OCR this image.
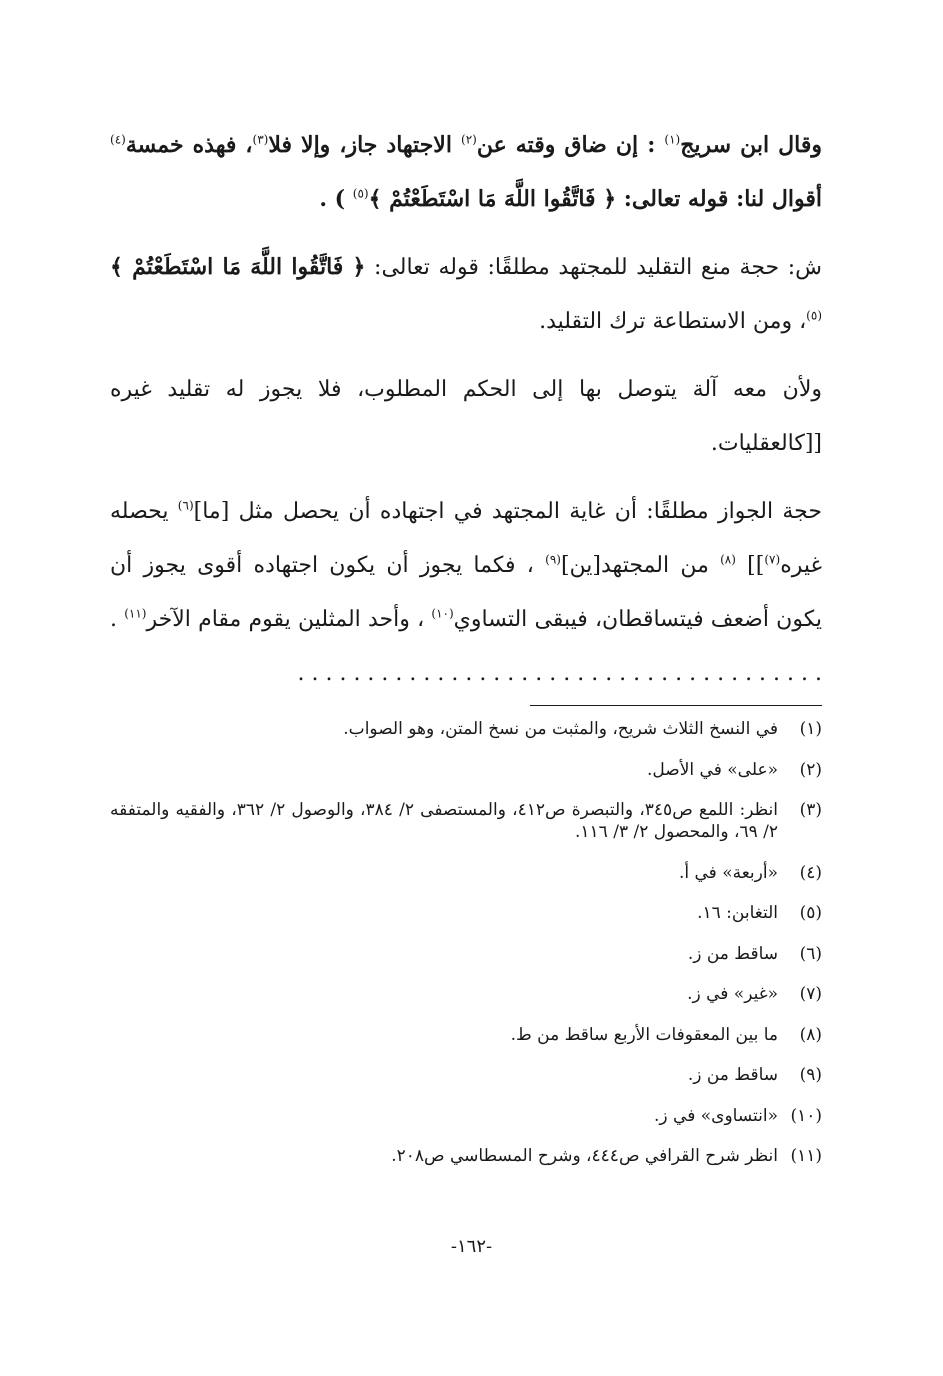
وقال ابن سريج$^{(١)}$ : إن ضاق وقته عن$^{(٢)}$ الاجتهاد جاز، وإلا فلا$^{(٣)}$، فهذه خمسة$^{(٤)}$ أقوال لنا: قوله تعالى: ﴿ فَاتَّقُوا اللَّهَ مَا اسْتَطَعْتُمْ ﴾$^{(٥)}$ ) .

ش: حجة منع التقليد للمجتهد مطلقًا: قوله تعالى: ﴿ فَاتَّقُوا اللَّهَ مَا اسْتَطَعْتُمْ ﴾$^{(٥)}$، ومن الاستطاعة ترك التقليد.

ولأن معه آلة يتوصل بها إلى الحكم المطلوب، فلا يجوز له تقليد غيره [[كالعقليات.

حجة الجواز مطلقًا: أن غاية المجتهد في اجتهاده أن يحصل مثل [ما]$^{(٦)}$ يحصله غيره$^{(٧)}$]] $^{(٨)}$ من المجتهد[ين]$^{(٩)}$ ، فكما يجوز أن يكون اجتهاده أقوى يجوز أن يكون أضعف فيتساقطان، فيبقى التساوي$^{(١٠)}$ ، وأحد المثلين يقوم مقام الآخر$^{(١١)}$ . . . . . . . . . . . . . . . . . . . . . . . . . . . . . . . . . . . . . . .

(١)
في النسخ الثلاث شريح، والمثبت من نسخ المتن، وهو الصواب.
(٢)
«على» في الأصل.
(٣)
انظر: اللمع ص٣٤٥، والتبصرة ص٤١٢، والمستصفى ٢/ ٣٨٤، والوصول ٢/ ٣٦٢، والفقيه والمتفقه ٢/ ٦٩، والمحصول ٢/ ٣/ ١١٦.
(٤)
«أربعة» في أ.
(٥)
التغابن: ١٦.
(٦)
ساقط من ز.
(٧)
«غير» في ز.
(٨)
ما بين المعقوفات الأربع ساقط من ط.
(٩)
ساقط من ز.
(١٠)
«انتساوى» في ز.
(١١)
انظر شرح القرافي ص٤٤٤، وشرح المسطاسي ص٢٠٨.
-١٦٢-
